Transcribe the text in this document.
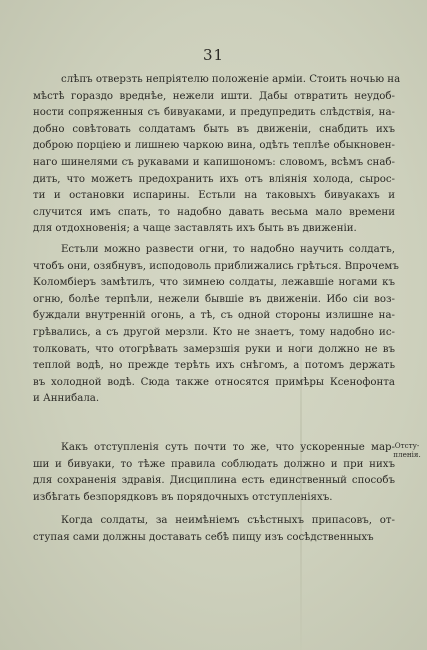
31
слѣпъ отверзть непріятелю положеніе арміи. Стоить ночью на
мѣстѣ гораздо вреднѣе, нежели ишти. Дабы отвратить неудоб-
ности сопряженныя съ бивуаками, и предупредить слѣдствія, на-
добно совѣтовать солдатамъ быть въ движеніи, снабдить ихъ
доброю порціею и лишнею чаркою вина, одѣть теплѣе обыкновен-
наго шинелями съ рукавами и капишономъ: словомъ, всѣмъ снаб-
дить, что можетъ предохранить ихъ отъ вліянія холода, сырос-
ти и остановки испарины. Естьли на таковыхъ бивуакахъ и
случится имъ спать, то надобно давать весьма мало времени
для отдохновенія; а чаще заставлять ихъ быть въ движеніи.
Естьли можно развести огни, то надобно научить солдатъ,
чтобъ они, озябнувъ, исподоволь приближались грѣться. Впрочемъ
Коломбіеръ замѣтилъ, что зимнею солдаты, лежавшіе ногами къ
огню, болѣе терпѣли, нежели бывшіе въ движеніи. Ибо сіи воз-
буждали внутренній огонь, а тѣ, съ одной стороны излишне на-
грѣвались, а съ другой мерзли. Кто не знаетъ, тому надобно ис-
толковать, что отогрѣвать замерзшія руки и ноги должно не въ
теплой водѣ, но прежде терѣть ихъ снѣгомъ, а потомъ держать
въ холодной водѣ. Сюда также относятся примѣры Ксенофонта
и Аннибала.
Какъ отступленія суть почти то же, что ускоренные мар-
ши и бивуаки, то тѣже правила соблюдать должно и при нихъ
для сохраненія здравія. Дисциплина есть единственный способъ
избѣгать безпорядковъ въ порядочныхъ отступленіяхъ.
Когда солдаты, за неимѣніемъ съѣстныхъ припасовъ, от-
ступая сами должны доставать себѣ пищу изъ сосѣдственныхъ
Отсту-
пленія.
